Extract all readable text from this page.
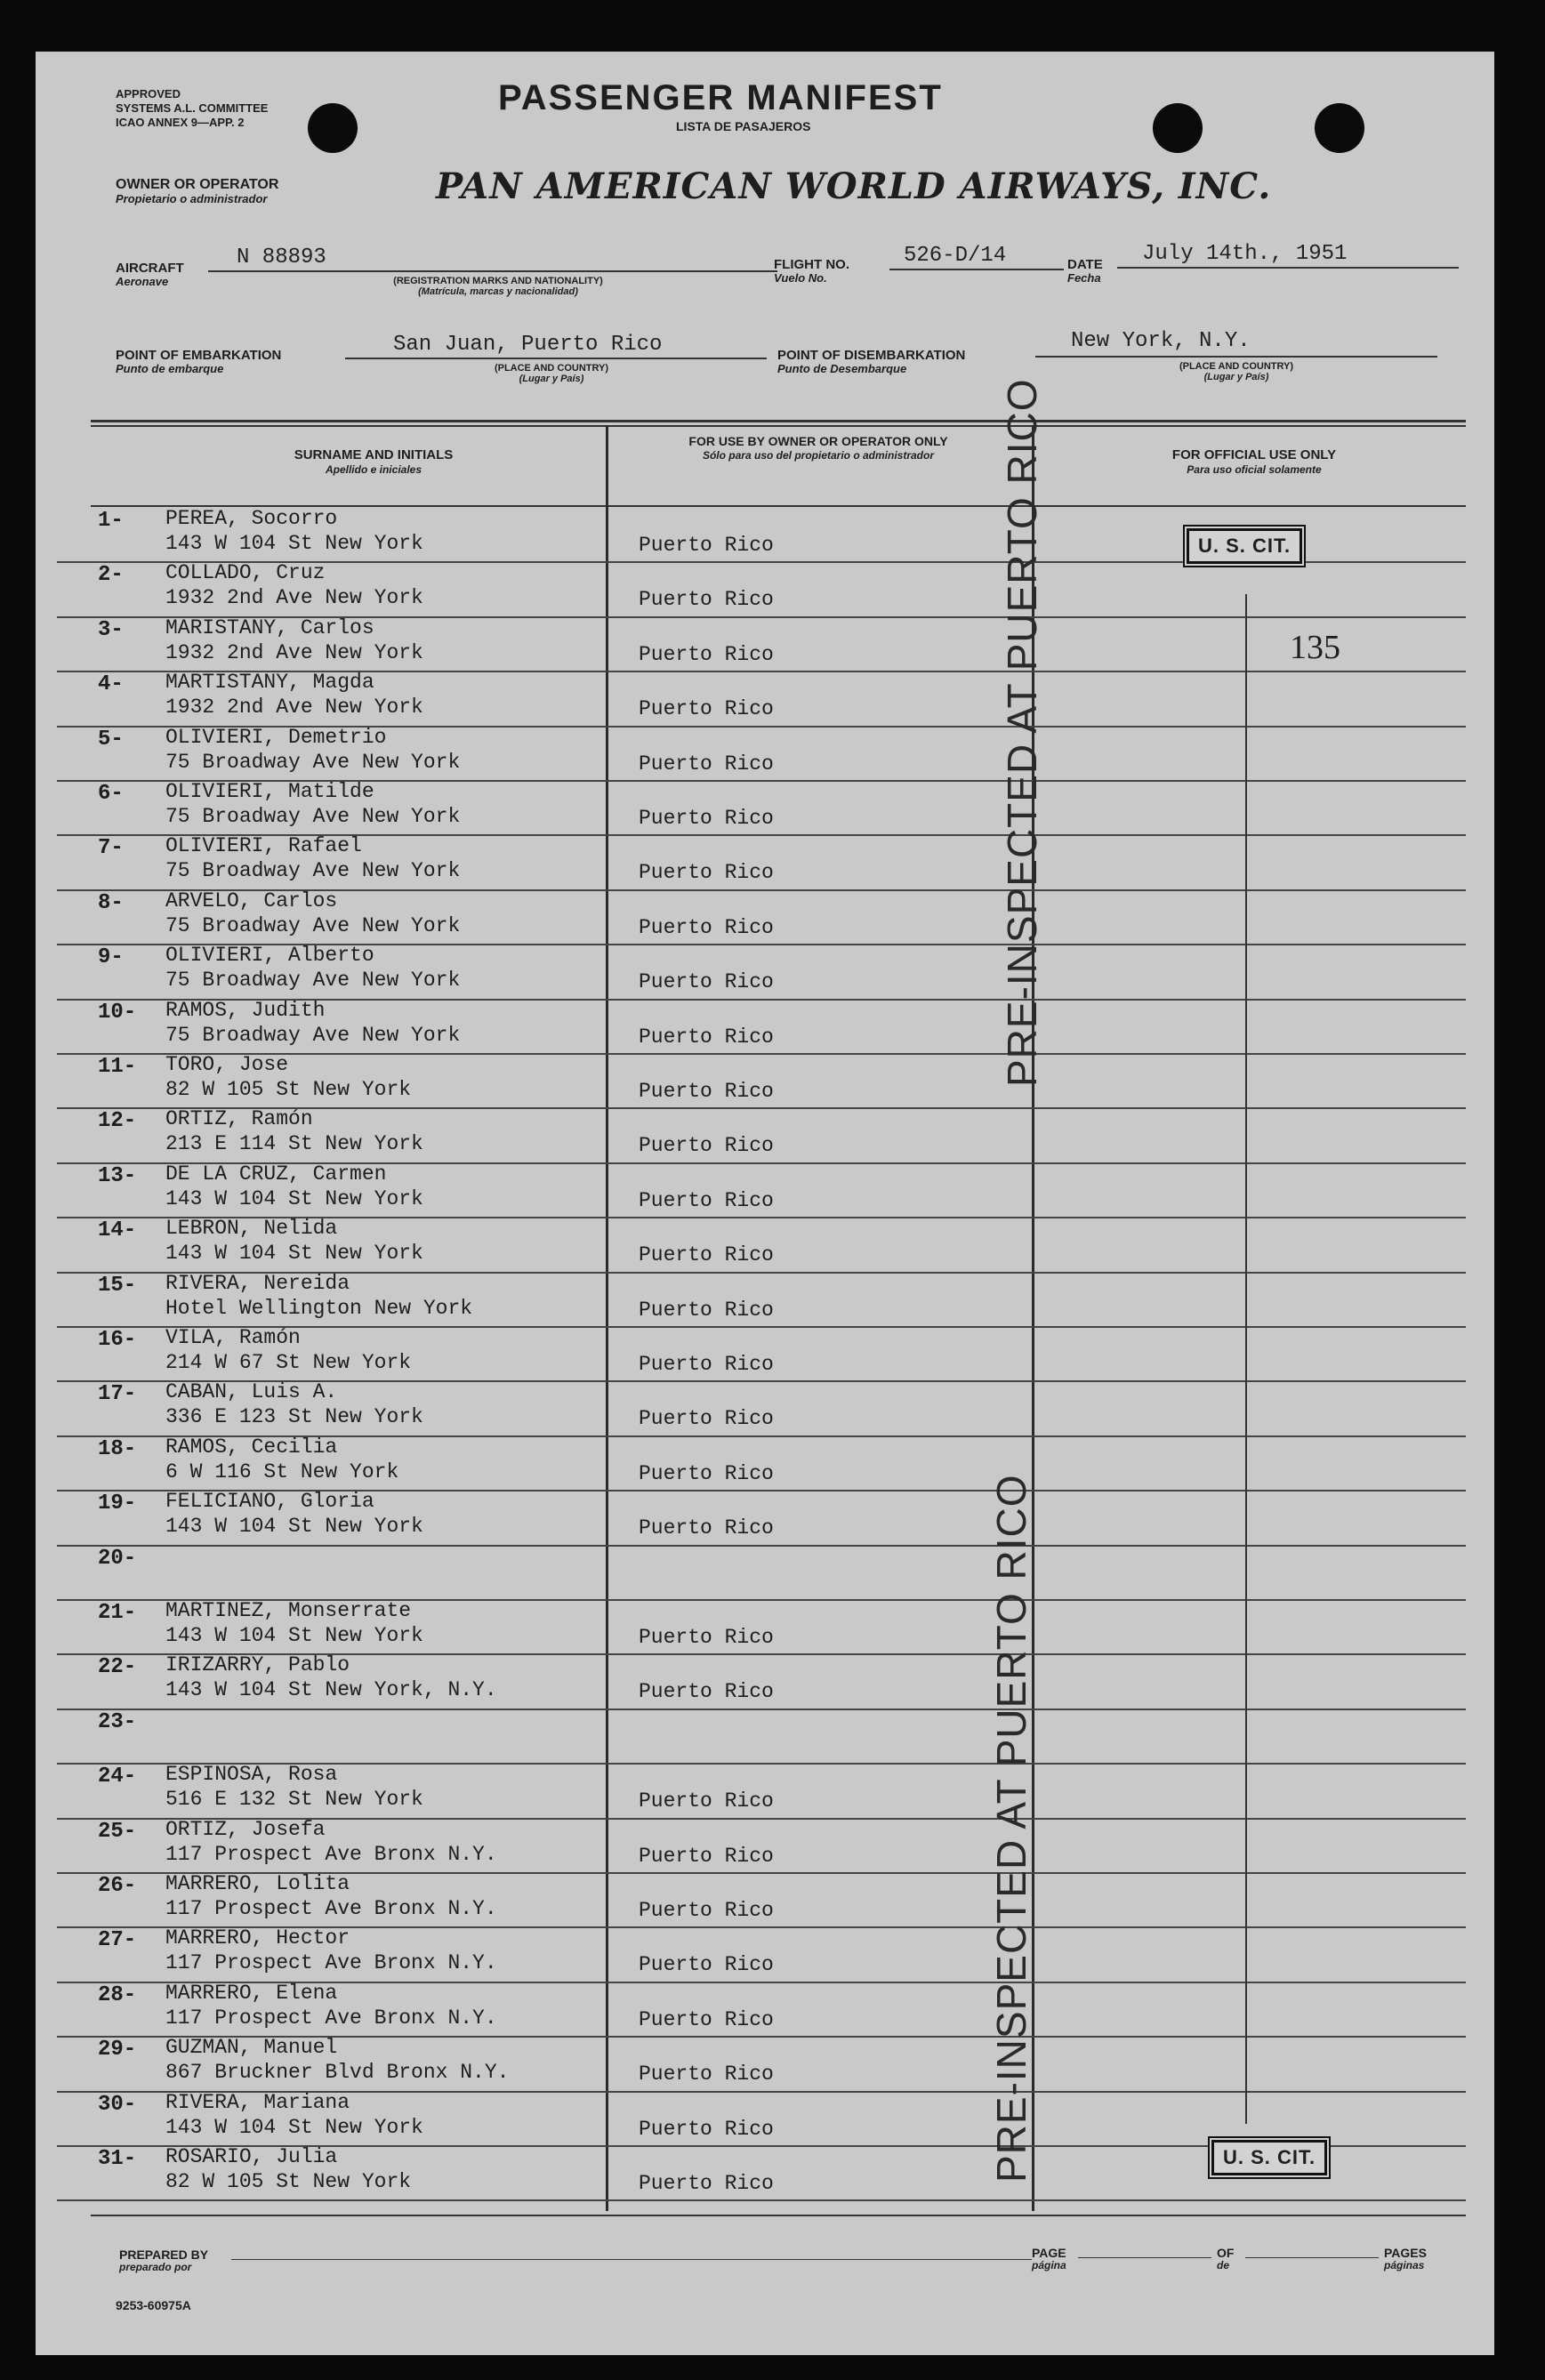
APPROVED
SYSTEMS A.L. COMMITTEE
ICAO ANNEX 9—APP. 2
PASSENGER MANIFEST
LISTA DE PASAJEROS
OWNER OR OPERATOR
Propietario o administrador	PAN AMERICAN WORLD AIRWAYS, INC.
AIRCRAFT
Aeronave
N 88893
(REGISTRATION MARKS AND NATIONALITY)
(Matrícula, marcas y nacionalidad)
FLIGHT NO.
Vuelo No.
526-D/14	DATE
Fecha
July 14th., 1951
POINT OF EMBARKATION
Punto de embarque
San Juan, Puerto Rico
(PLACE AND COUNTRY)
(Lugar y País)
POINT OF DISEMBARKATION
Punto de Desembarque
New York, N.Y.
(PLACE AND COUNTRY)
(Lugar y País)
SURNAME AND INITIALS
Apellido e iniciales
FOR USE BY OWNER OR OPERATOR ONLY
Sólo para uso del propietario o administrador	FOR OFFICIAL USE ONLY
Para uso oficial solamente
1- PEREA, Socorro
143 W 104 St New York	Puerto Rico
2- COLLADO, Cruz
1932 2nd Ave New York	Puerto Rico
3- MARISTANY, Carlos
1932 2nd Ave New York	Puerto Rico
4- MARTISTANY, Magda
1932 2nd Ave New York	Puerto Rico
5- OLIVIERI, Demetrio
75 Broadway Ave New York	Puerto Rico
6- OLIVIERI, Matilde
75 Broadway Ave New York	Puerto Rico
7- OLIVIERI, Rafael
75 Broadway Ave New York	Puerto Rico
8- ARVELO, Carlos
75 Broadway Ave New York	Puerto Rico
9- OLIVIERI, Alberto
75 Broadway Ave New York	Puerto Rico
10- RAMOS, Judith
75 Broadway Ave New York	Puerto Rico
11- TORO, Jose
82 W 105 St New York	Puerto Rico
12- ORTIZ, Ramón
213 E 114 St New York	Puerto Rico
13- DE LA CRUZ, Carmen
143 W 104 St New York	Puerto Rico
14- LEBRON, Nelida
143 W 104 St New York	Puerto Rico
15- RIVERA, Nereida
Hotel Wellington New York	Puerto Rico
16- VILA, Ramón
214 W 67 St New York	Puerto Rico
17- CABAN, Luis A.
336 E 123 St New York	Puerto Rico
18- RAMOS, Cecilia
6 W 116 St New York	Puerto Rico
19- FELICIANO, Gloria
143 W 104 St New York	Puerto Rico
20-
21- MARTINEZ, Monserrate
143 W 104 St New York	Puerto Rico
22- IRIZARRY, Pablo
143 W 104 St New York, N.Y.	Puerto Rico
23-
24- ESPINOSA, Rosa
516 E 132 St New York	Puerto Rico
25- ORTIZ, Josefa
117 Prospect Ave Bronx N.Y.	Puerto Rico
26- MARRERO, Lolita
117 Prospect Ave Bronx N.Y.	Puerto Rico
27- MARRERO, Hector
117 Prospect Ave Bronx N.Y.	Puerto Rico
28- MARRERO, Elena
117 Prospect Ave Bronx N.Y.	Puerto Rico
29- GUZMAN, Manuel
867 Bruckner Blvd Bronx N.Y.	Puerto Rico
30- RIVERA, Mariana
143 W 104 St New York	Puerto Rico
31- ROSARIO, Julia
82 W 105 St New York	Puerto Rico
PRE-INSPECTED AT PUERTO RICO
PRE-INSPECTED AT PUERTO RICO
U. S. CIT.
U. S. CIT.
135
PREPARED BY
preparado por
PAGE
página
OF
de
PAGES
páginas
9253-60975A
